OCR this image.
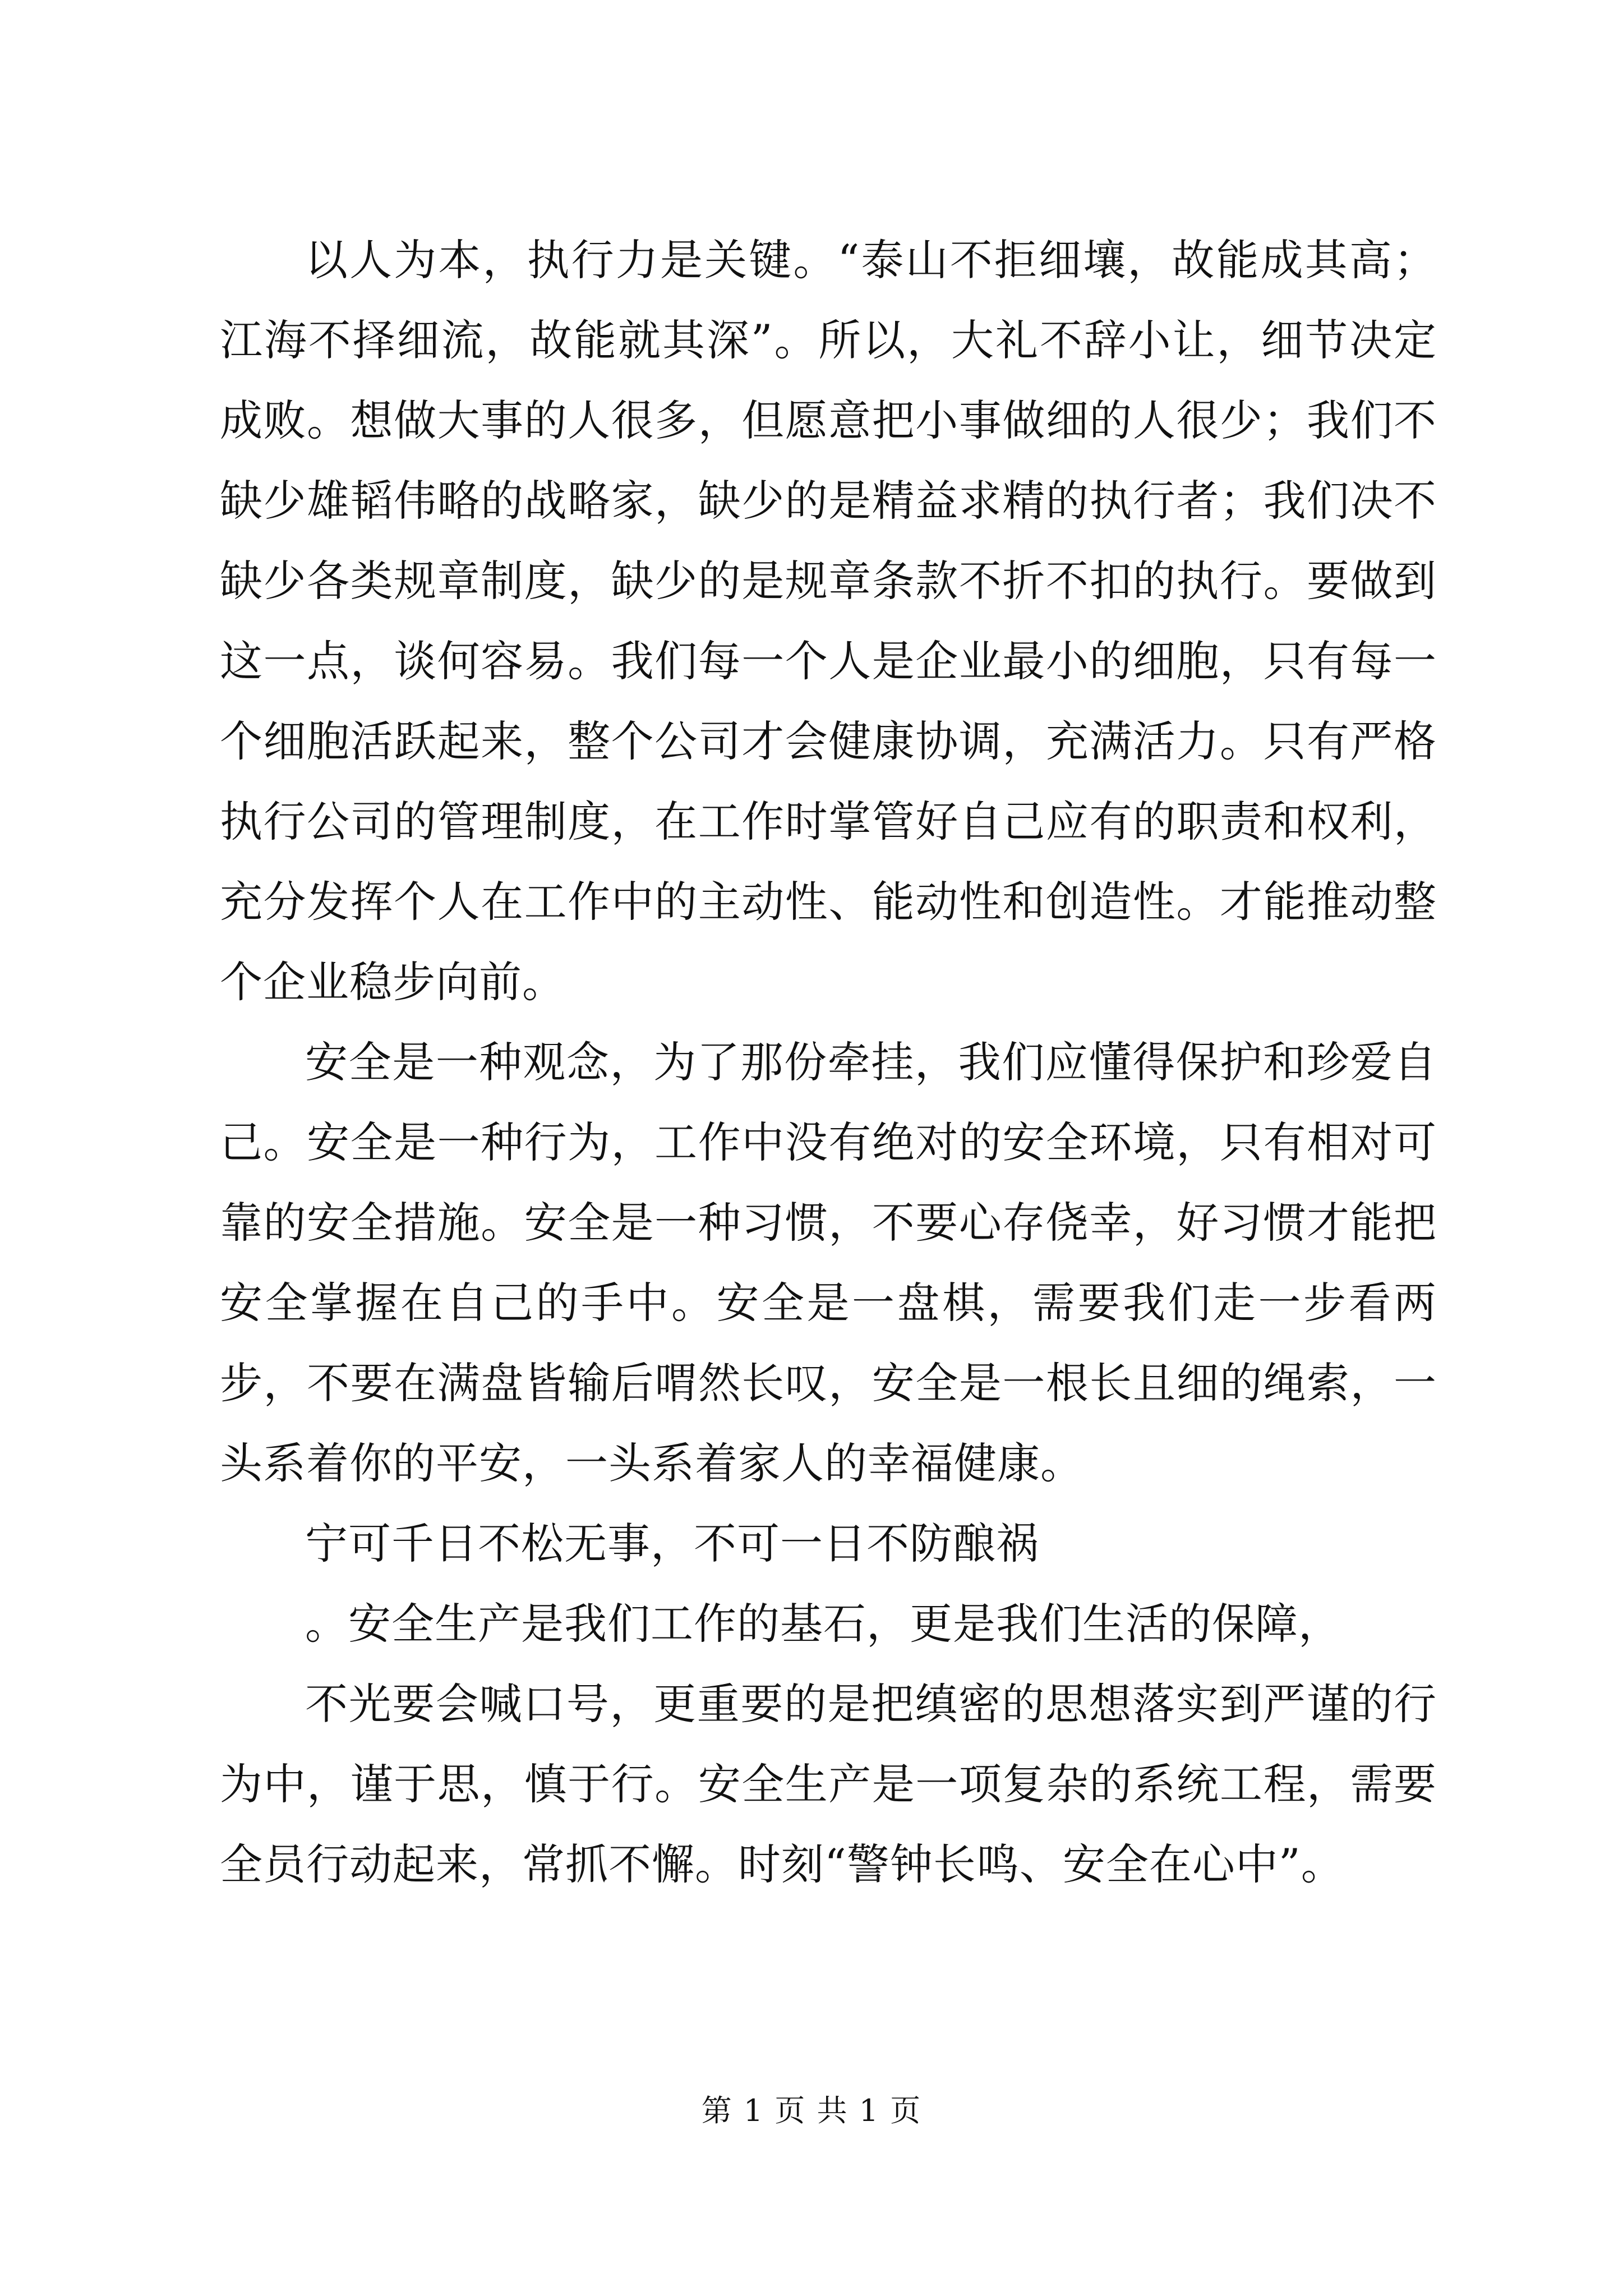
以人为本，执行力是关键。“泰山不拒细壤，故能成其高；江海不择细流，故能就其深”。所以，大礼不辞小让，细节决定成败。想做大事的人很多，但愿意把小事做细的人很少；我们不缺少雄韬伟略的战略家，缺少的是精益求精的执行者；我们决不缺少各类规章制度，缺少的是规章条款不折不扣的执行。要做到这一点，谈何容易。我们每一个人是企业最小的细胞，只有每一个细胞活跃起来，整个公司才会健康协调，充满活力。只有严格执行公司的管理制度，在工作时掌管好自己应有的职责和权利，充分发挥个人在工作中的主动性、能动性和创造性。才能推动整个企业稳步向前。

安全是一种观念，为了那份牵挂，我们应懂得保护和珍爱自己。安全是一种行为，工作中没有绝对的安全环境，只有相对可靠的安全措施。安全是一种习惯，不要心存侥幸，好习惯才能把安全掌握在自己的手中。安全是一盘棋，需要我们走一步看两步，不要在满盘皆输后喟然长叹，安全是一根长且细的绳索，一头系着你的平安，一头系着家人的幸福健康。

宁可千日不松无事，不可一日不防酿祸

。安全生产是我们工作的基石，更是我们生活的保障，

不光要会喊口号，更重要的是把缜密的思想落实到严谨的行为中，谨于思，慎于行。安全生产是一项复杂的系统工程，需要全员行动起来，常抓不懈。时刻“警钟长鸣、安全在心中”。

第 1 页 共 1 页
